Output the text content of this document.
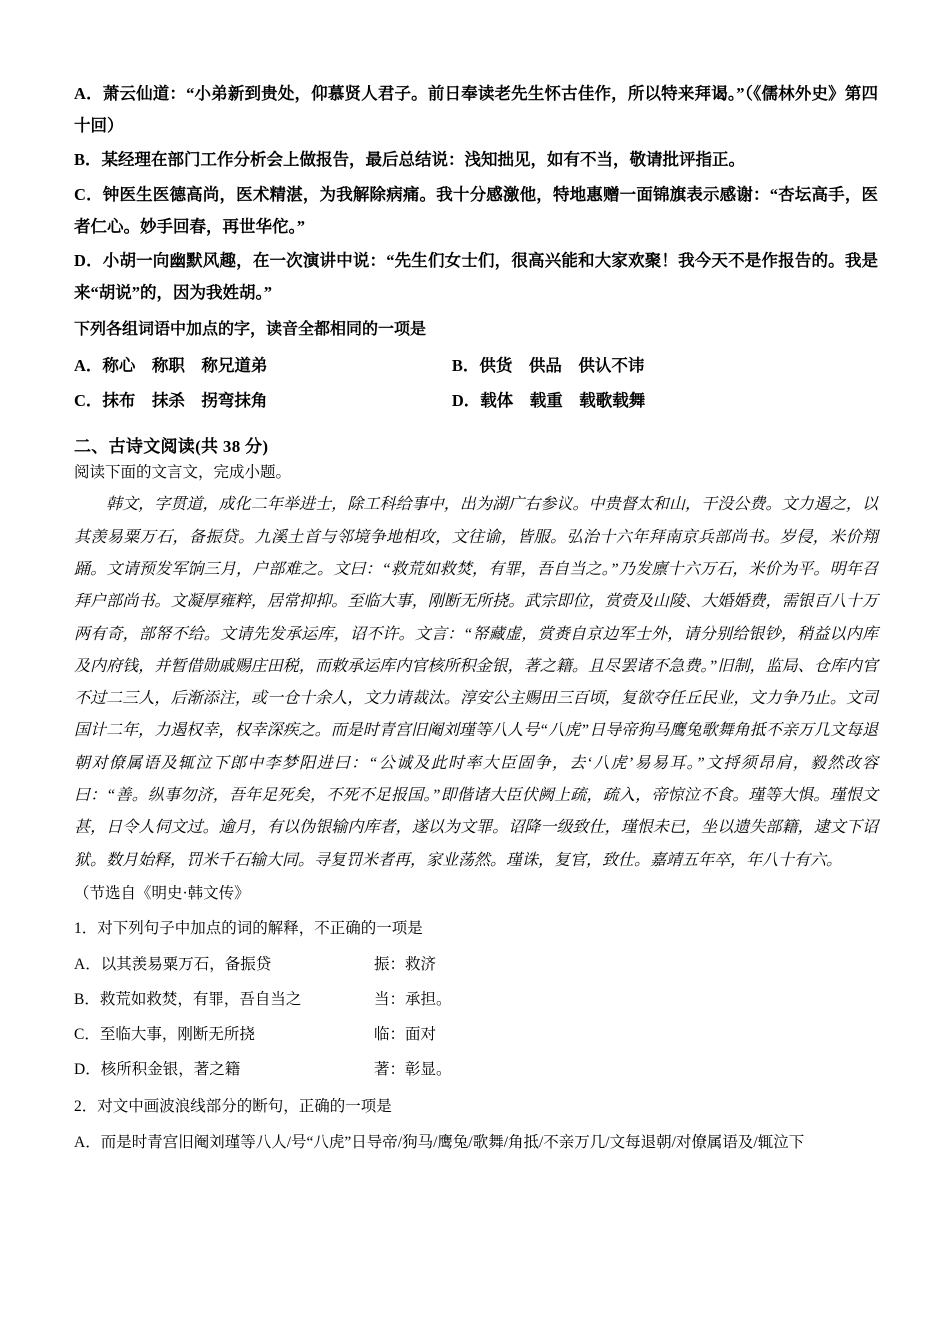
A．萧云仙道：“小弟新到贵处，仰慕贤人君子。前日奉读老先生怀古佳作，所以特来拜谒。”（《儒林外史》第四十回）
B．某经理在部门工作分析会上做报告，最后总结说：浅知拙见，如有不当，敬请批评指正。
C．钟医生医德高尚，医术精湛，为我解除病痛。我十分感激他，特地惠赠一面锦旗表示感谢：“杏坛高手，医者仁心。妙手回春，再世华佗。”
D．小胡一向幽默风趣，在一次演讲中说：“先生们女士们，很高兴能和大家欢聚！我今天不是作报告的。我是来“胡说”的，因为我姓胡。”
下列各组词语中加点的字，读音全都相同的一项是
A．称心　称职　称兄道弟	B．供货　供品　供认不讳
C．抹布　抹杀　拐弯抹角	D．载体　载重　载歌载舞
二、古诗文阅读(共 38 分)
阅读下面的文言文，完成小题。
韩文，字贯道，成化二年举进士，除工科给事中，出为湖广右参议。中贵督太和山，干没公费。文力遏之，以其羡易粟万石，备振贷。九溪土首与邻境争地相攻，文往谕，皆服。弘治十六年拜南京兵部尚书。岁侵，米价翔踊。文请预发军饷三月，户部难之。文曰：“救荒如救焚，有罪，吾自当之。”乃发廪十六万石，米价为平。明年召拜户部尚书。文凝厚雍粹，居常抑抑。至临大事，刚断无所挠。武宗即位，赏赍及山陵、大婚婚费，需银百八十万两有奇，部帑不给。文请先发承运库，诏不许。文言：“帑藏虚，赏赉自京边军士外，请分别给银钞，稍益以内库及内府钱，并暂借勋戚赐庄田税，而敕承运库内官核所积金银，著之籍。且尽罢诸不急费。”旧制，监局、仓库内官不过二三人，后渐添注，或一仓十余人，文力请裁汰。淳安公主赐田三百顷，复欲夺任丘民业，文力争乃止。文司国计二年，力遏权幸，权幸深疾之。而是时青宫旧阉刘瑾等八人号“八虎”日导帝狗马鹰兔歌舞角抵不亲万几文每退朝对僚属语及辄泣下郎中李梦阳进曰：“公诚及此时率大臣固争，去‘八虎’易易耳。”文捋须昂肩，毅然改容曰：“善。纵事勿济，吾年足死矣，不死不足报国。”即偕诸大臣伏阙上疏，疏入，帝惊泣不食。瑾等大惧。瑾恨文甚，日令人伺文过。逾月，有以伪银输内库者，遂以为文罪。诏降一级致仕，瑾恨未已，坐以遗失部籍，逮文下诏狱。数月始释，罚米千石输大同。寻复罚米者再，家业荡然。瑾诛，复官，致仕。嘉靖五年卒，年八十有六。
（节选自《明史·韩文传》
1．对下列句子中加点的词的解释，不正确的一项是
A．以其羡易粟万石，备振贷	振：救济
B．救荒如救焚，有罪，吾自当之	当：承担。
C．至临大事，刚断无所挠	临：面对
D．核所积金银，著之籍	著：彰显。
2．对文中画波浪线部分的断句，正确的一项是
A．而是时青宫旧阉刘瑾等八人/号“八虎”日导帝/狗马/鹰兔/歌舞/角抵/不亲万几/文每退朝/对僚属语及/辄泣下
